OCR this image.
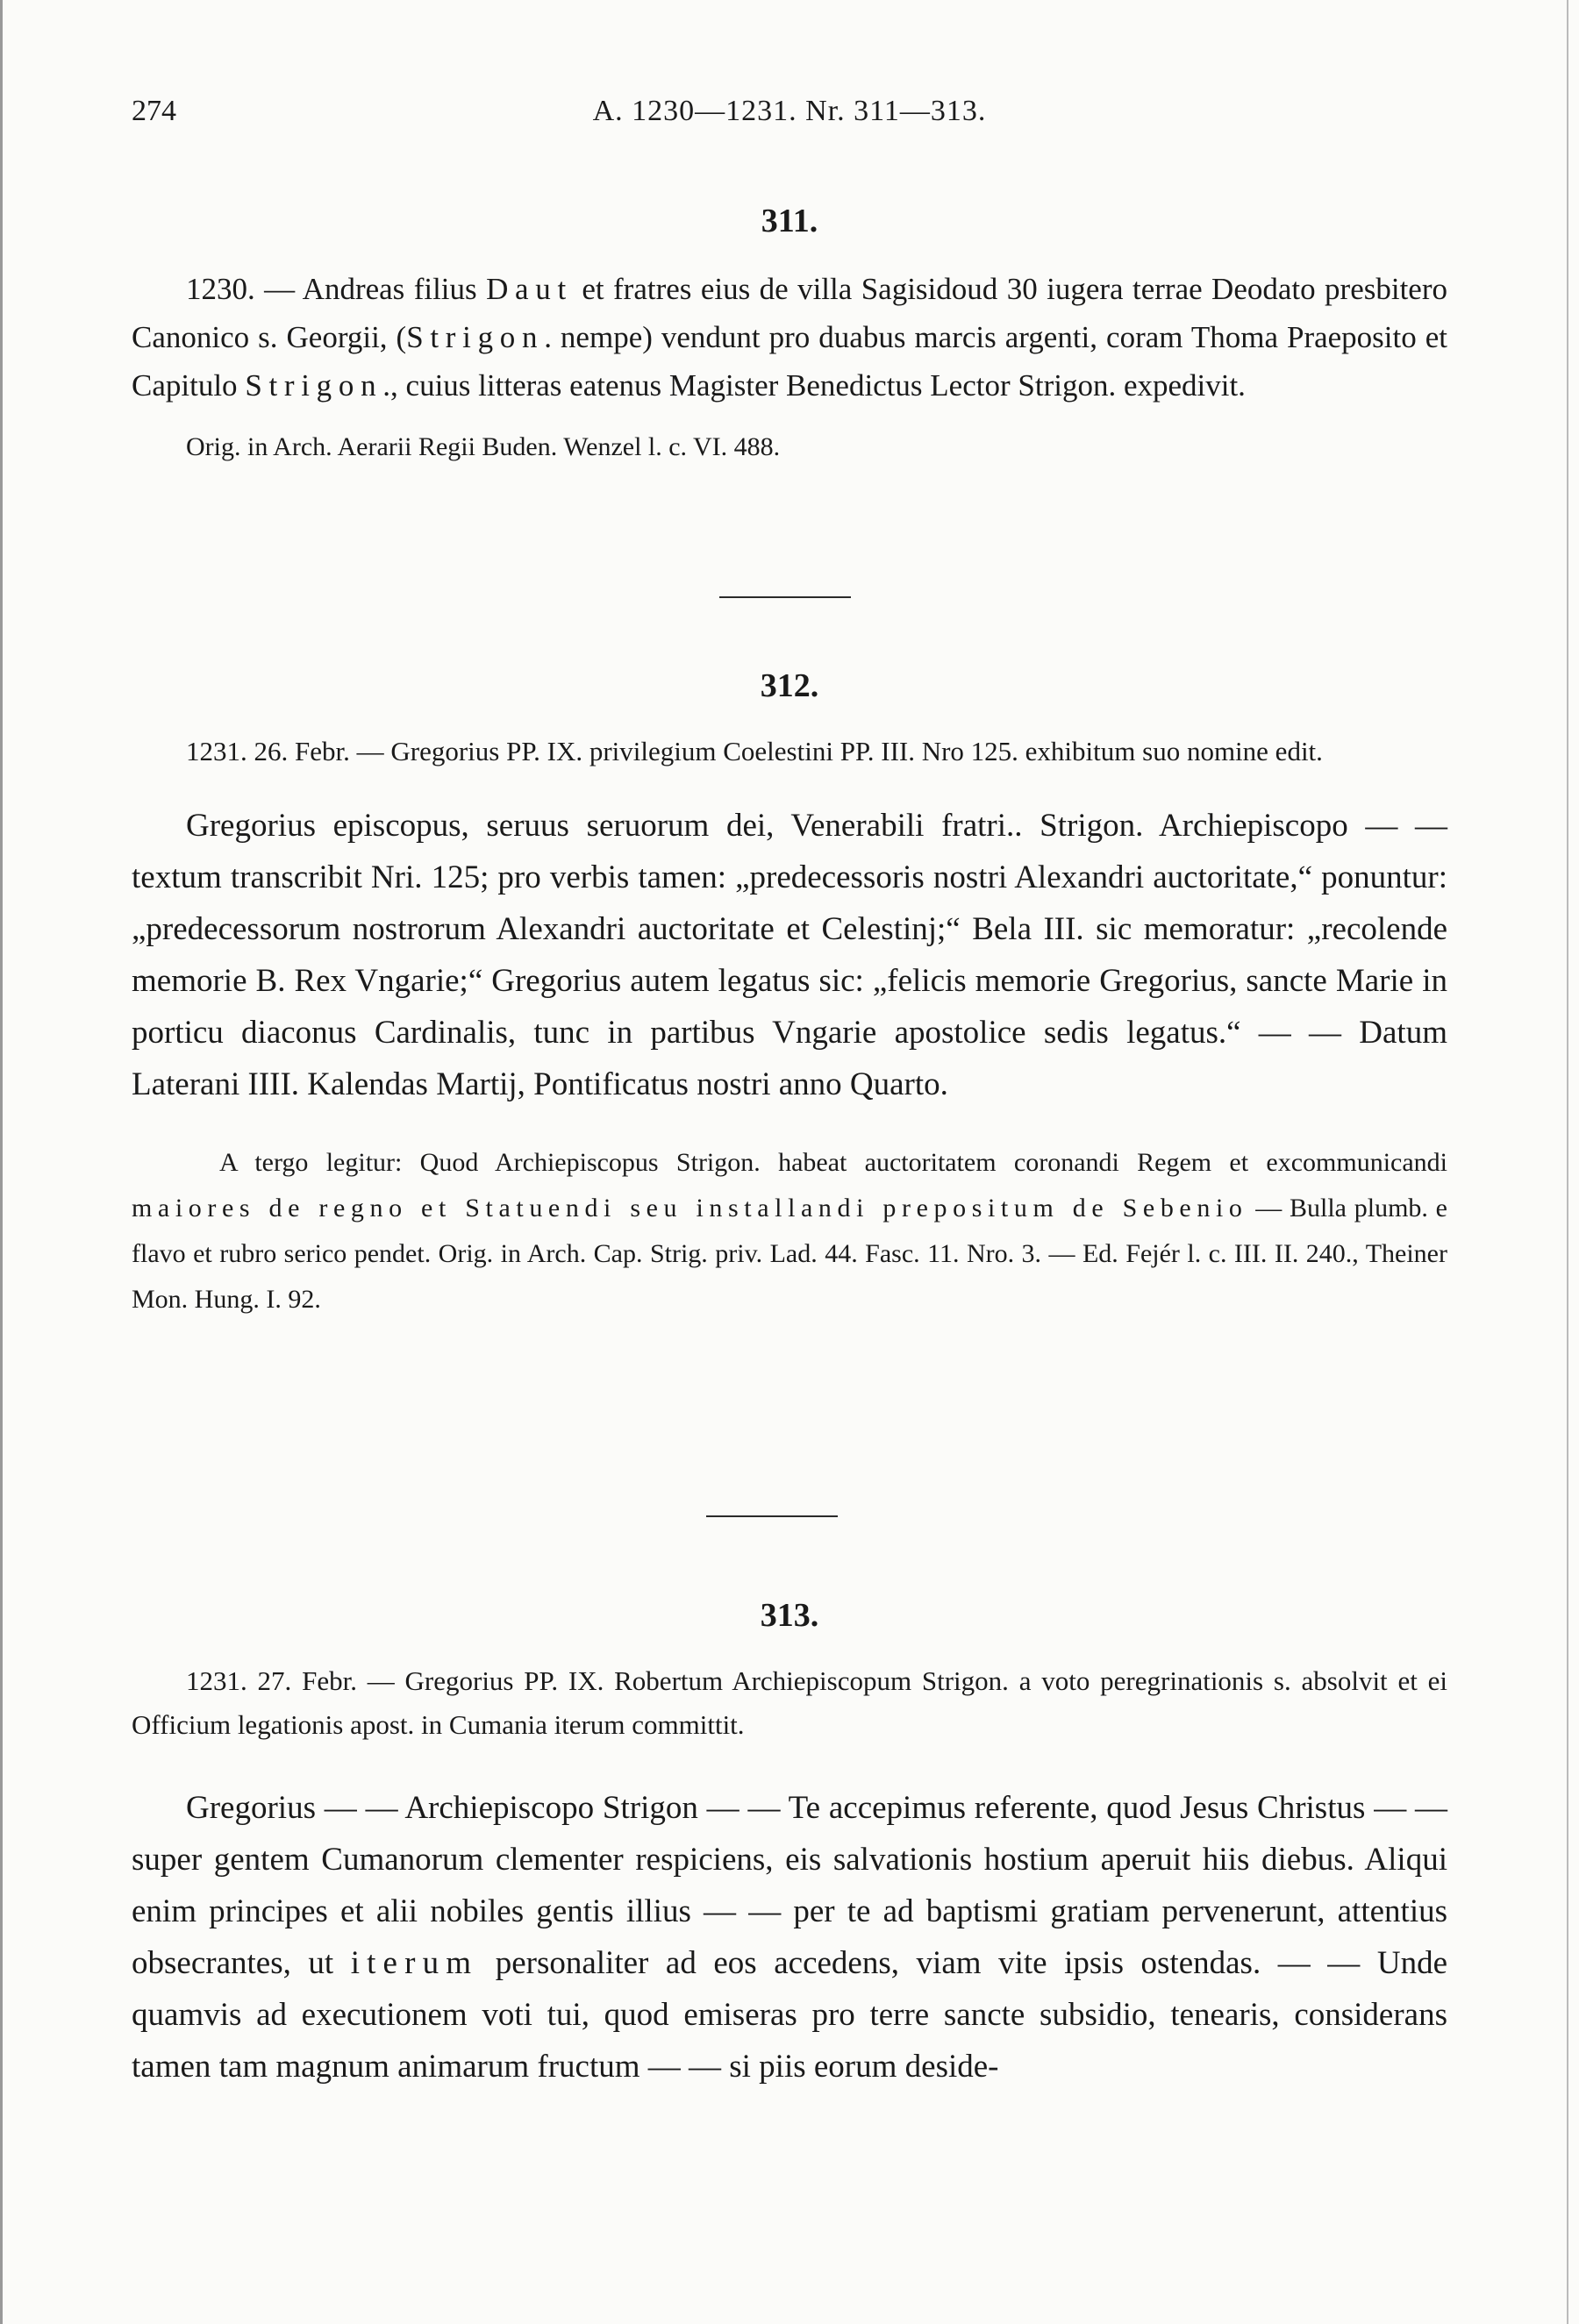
274	A. 1230—1231. Nr. 311—313.
311.

1230. — Andreas filius Daut et fratres eius de villa Sagisidoud 30 iugera terrae Deodato presbitero Canonico s. Georgii, (Strigon. nempe) vendunt pro duabus marcis argenti, coram Thoma Praeposito et Capitulo Strigon., cuius litteras eatenus Magister Benedictus Lector Strigon. expedivit.

Orig. in Arch. Aerarii Regii Buden. Wenzel l. c. VI. 488.
312.

1231. 26. Febr. — Gregorius PP. IX. privilegium Coelestini PP. III. Nro 125. exhibitum suo nomine edit.

Gregorius episcopus, seruus seruorum dei, Venerabili fratri.. Strigon. Archiepiscopo — — textum transcribit Nri. 125; pro verbis tamen: „predecessoris nostri Alexandri auctoritate,“ ponuntur: „predecessorum nostrorum Alexandri auctoritate et Celestinj;“ Bela III. sic memoratur: „recolende memorie B. Rex Vngarie;“ Gregorius autem legatus sic: „felicis memorie Gregorius, sancte Marie in porticu diaconus Cardinalis, tunc in partibus Vngarie apostolice sedis legatus.“ — — Datum Laterani IIII. Kalendas Martij, Pontificatus nostri anno Quarto.

A tergo legitur: Quod Archiepiscopus Strigon. habeat auctoritatem coronandi Regem et excommunicandi maiores de regno et Statuendi seu installandi prepositum de Sebenio — Bulla plumb. e flavo et rubro serico pendet. Orig. in Arch. Cap. Strig. priv. Lad. 44. Fasc. 11. Nro. 3. — Ed. Fejér l. c. III. II. 240., Theiner Mon. Hung. I. 92.

313.

1231. 27. Febr. — Gregorius PP. IX. Robertum Archiepiscopum Strigon. a voto peregrinationis s. absolvit et ei Officium legationis apost. in Cumania iterum committit.

Gregorius — — Archiepiscopo Strigon — — Te accepimus referente, quod Jesus Christus — — super gentem Cumanorum clementer respiciens, eis salvationis hostium aperuit hiis diebus. Aliqui enim principes et alii nobiles gentis illius — — per te ad baptismi gratiam pervenerunt, attentius obsecrantes, ut iterum personaliter ad eos accedens, viam vite ipsis ostendas. — — Unde quamvis ad executionem voti tui, quod emiseras pro terre sancte subsidio, tenearis, considerans tamen tam magnum animarum fructum — — si piis eorum deside-
